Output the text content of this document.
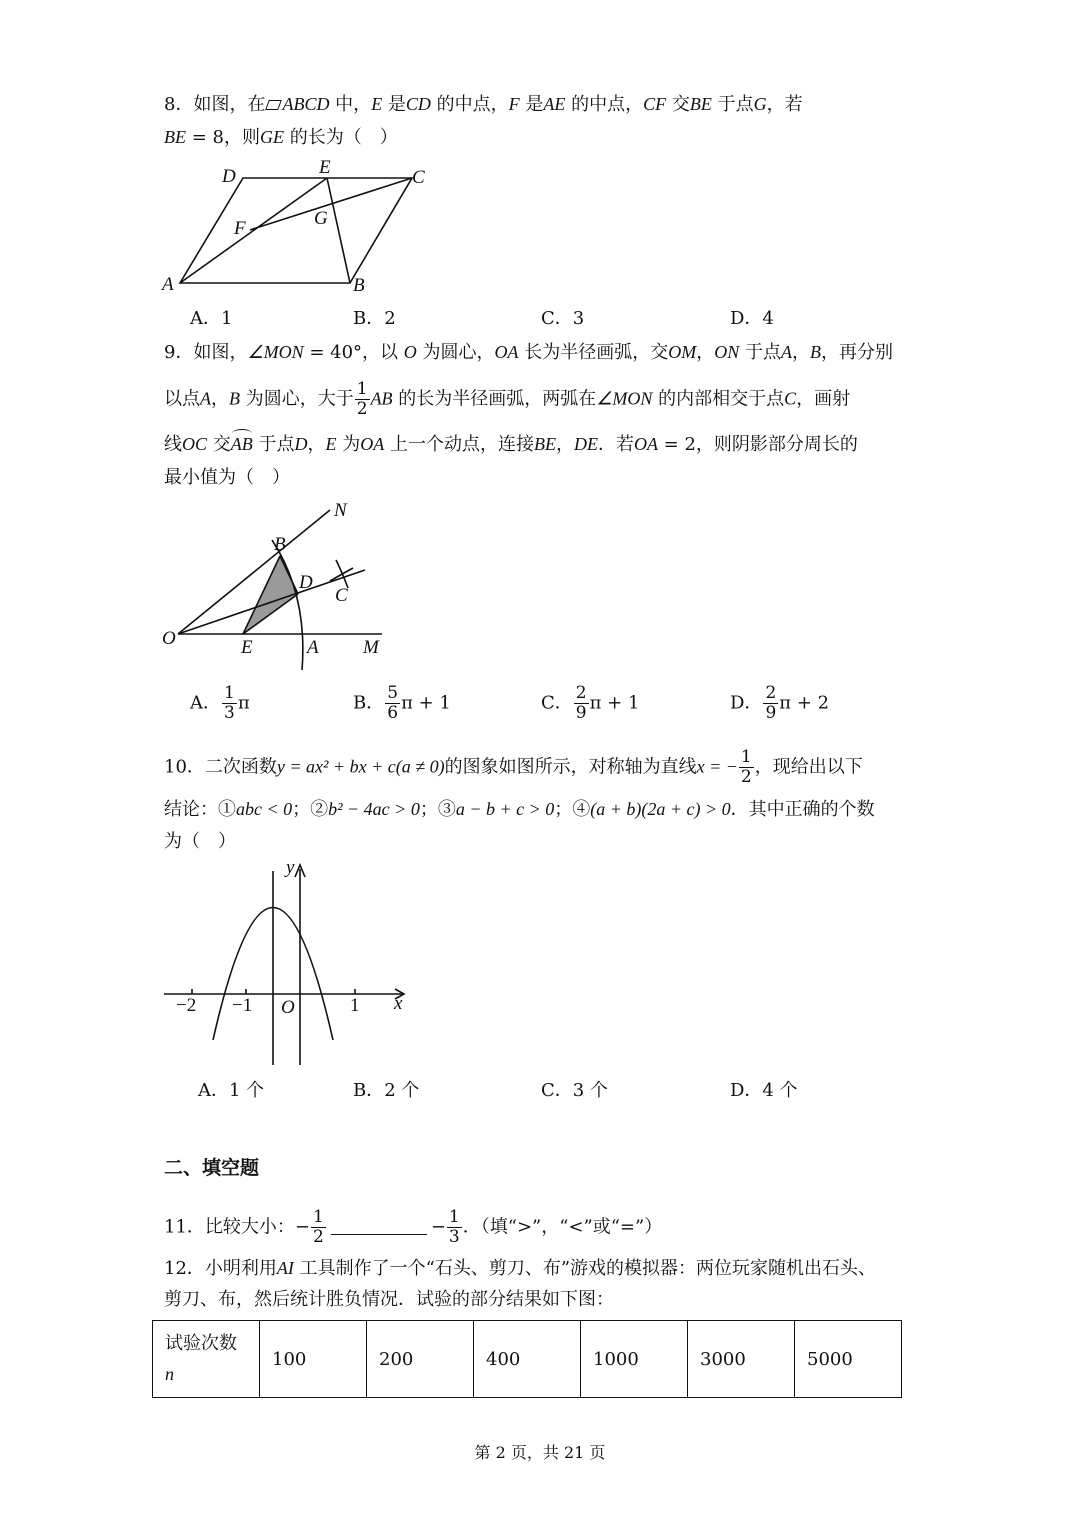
8．如图，在 ABCD 中，E 是CD 的中点，F 是AE 的中点，CF 交BE 于点G，若
BE = 8，则GE 的长为（　）
A	B
C
D	E
F	G
A．1	B．2	C．3	D．4
9．如图，∠MON = 40°，以 O 为圆心，OA 长为半径画弧，交OM，ON 于点A，B，再分别
以点A，B 为圆心，大于 $\frac{1}{2}$ AB 的长为半径画弧，两弧在∠MON 的内部相交于点C，画射
线OC 交
AB 于点D，E 为OA 上一个动点，连接BE，DE．若OA = 2，则阴影部分周长的
最小值为（　）
O	E	A M
B
D
C
N
A． $\frac{1}{3}$ π	B． $\frac{5}{6}$ π + 1	C． $\frac{2}{9}$ π + 1	D． $\frac{2}{9}$ π + 2
10．二次函数y = ax² + bx + c(a ≠ 0)的图象如图所示，对称轴为直线x = − $\frac{1}{2}$ ，现给出以下
结论：①abc < 0；②b² − 4ac > 0；③a − b + c > 0；④(a + b)(2a + c) > 0．其中正确的个数
为（　）
y
x
O
−2 −1	1
A．1 个	B．2 个	C．3 个	D．4 个
二、填空题
11．比较大小：− $\frac{1}{2}$	− $\frac{1}{3}$ ．（填“>”，“<”或“=”）
12．小明利用AI 工具制作了一个“石头、剪刀、布”游戏的模拟器：两位玩家随机出石头、
剪刀、布，然后统计胜负情况．试验的部分结果如下图：
试验次数
n	100	200	400	1000	3000	5000
第 2 页，共 21 页
